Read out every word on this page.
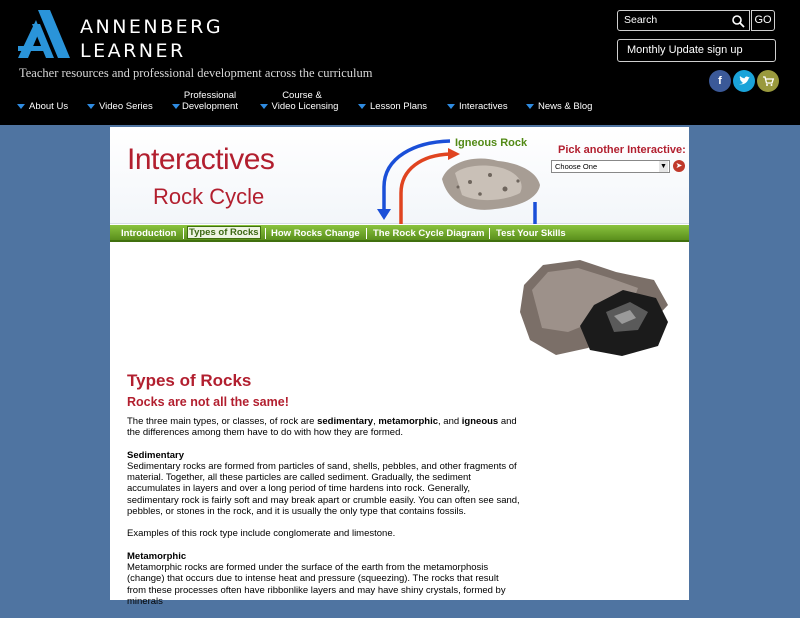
ANNENBERG
LEARNER
Teacher resources and professional development across the curriculum
Search	GO
Monthly Update sign up
f
About Us	Video Series
Professional
Development
Course &
Video Licensing	Lesson Plans	Interactives	News & Blog
Interactives
Rock Cycle
Igneous Rock
Pick another Interactive:
Choose One	▼	➤
Introduction Types of Rocks How Rocks Change The Rock Cycle Diagram Test Your Skills
Types of Rocks
Rocks are not all the same!

The three main types, or classes, of rock are sedimentary, metamorphic, and igneous and the differences among them have to do with how they are formed.

Sedimentary
Sedimentary rocks are formed from particles of sand, shells, pebbles, and other fragments of material. Together, all these particles are called sediment. Gradually, the sediment accumulates in layers and over a long period of time hardens into rock. Generally, sedimentary rock is fairly soft and may break apart or crumble easily. You can often see sand, pebbles, or stones in the rock, and it is usually the only type that contains fossils.

Examples of this rock type include conglomerate and limestone.

Metamorphic
Metamorphic rocks are formed under the surface of the earth from the metamorphosis (change) that occurs due to intense heat and pressure (squeezing). The rocks that result from these processes often have ribbonlike layers and may have shiny crystals, formed by minerals
